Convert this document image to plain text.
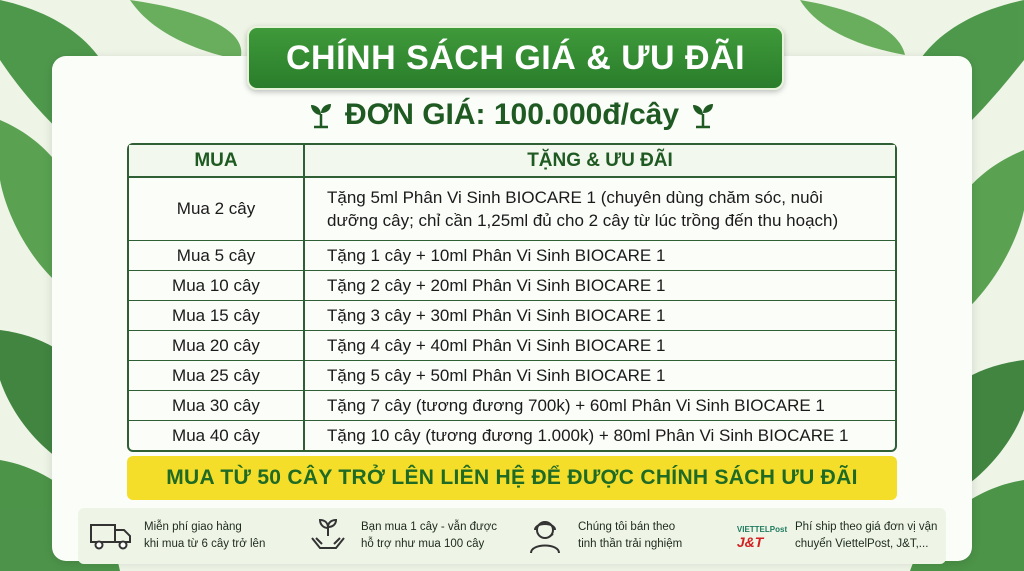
CHÍNH SÁCH GIÁ & ƯU ĐÃI
ĐƠN GIÁ: 100.000đ/cây
MUA	TẶNG & ƯU ĐÃI
Mua 2 cây	Tặng 5ml Phân Vi Sinh BIOCARE 1 (chuyên dùng chăm sóc, nuôi
dưỡng cây; chỉ cần 1,25ml đủ cho 2 cây từ lúc trồng đến thu hoạch)
Mua 5 cây	Tặng 1 cây + 10ml Phân Vi Sinh BIOCARE 1
Mua 10 cây	Tặng 2 cây + 20ml Phân Vi Sinh BIOCARE 1
Mua 15 cây	Tặng 3 cây + 30ml Phân Vi Sinh BIOCARE 1
Mua 20 cây	Tặng 4 cây + 40ml Phân Vi Sinh BIOCARE 1
Mua 25 cây	Tặng 5 cây + 50ml Phân Vi Sinh BIOCARE 1
Mua 30 cây	Tặng 7 cây (tương đương 700k) + 60ml Phân Vi Sinh BIOCARE 1
Mua 40 cây	Tặng 10 cây (tương đương 1.000k) + 80ml Phân Vi Sinh BIOCARE 1
MUA TỪ 50 CÂY TRỞ LÊN LIÊN HỆ ĐỂ ĐƯỢC CHÍNH SÁCH ƯU ĐÃI
Miễn phí giao hàng
khi mua từ 6 cây trở lên
Bạn mua 1 cây - vẫn được
hỗ trợ như mua 100 cây
Chúng tôi bán theo
tinh thần trải nghiệm
VIETTELPost
J&T
Phí ship theo giá đơn vị vận
chuyển ViettelPost, J&T,...
